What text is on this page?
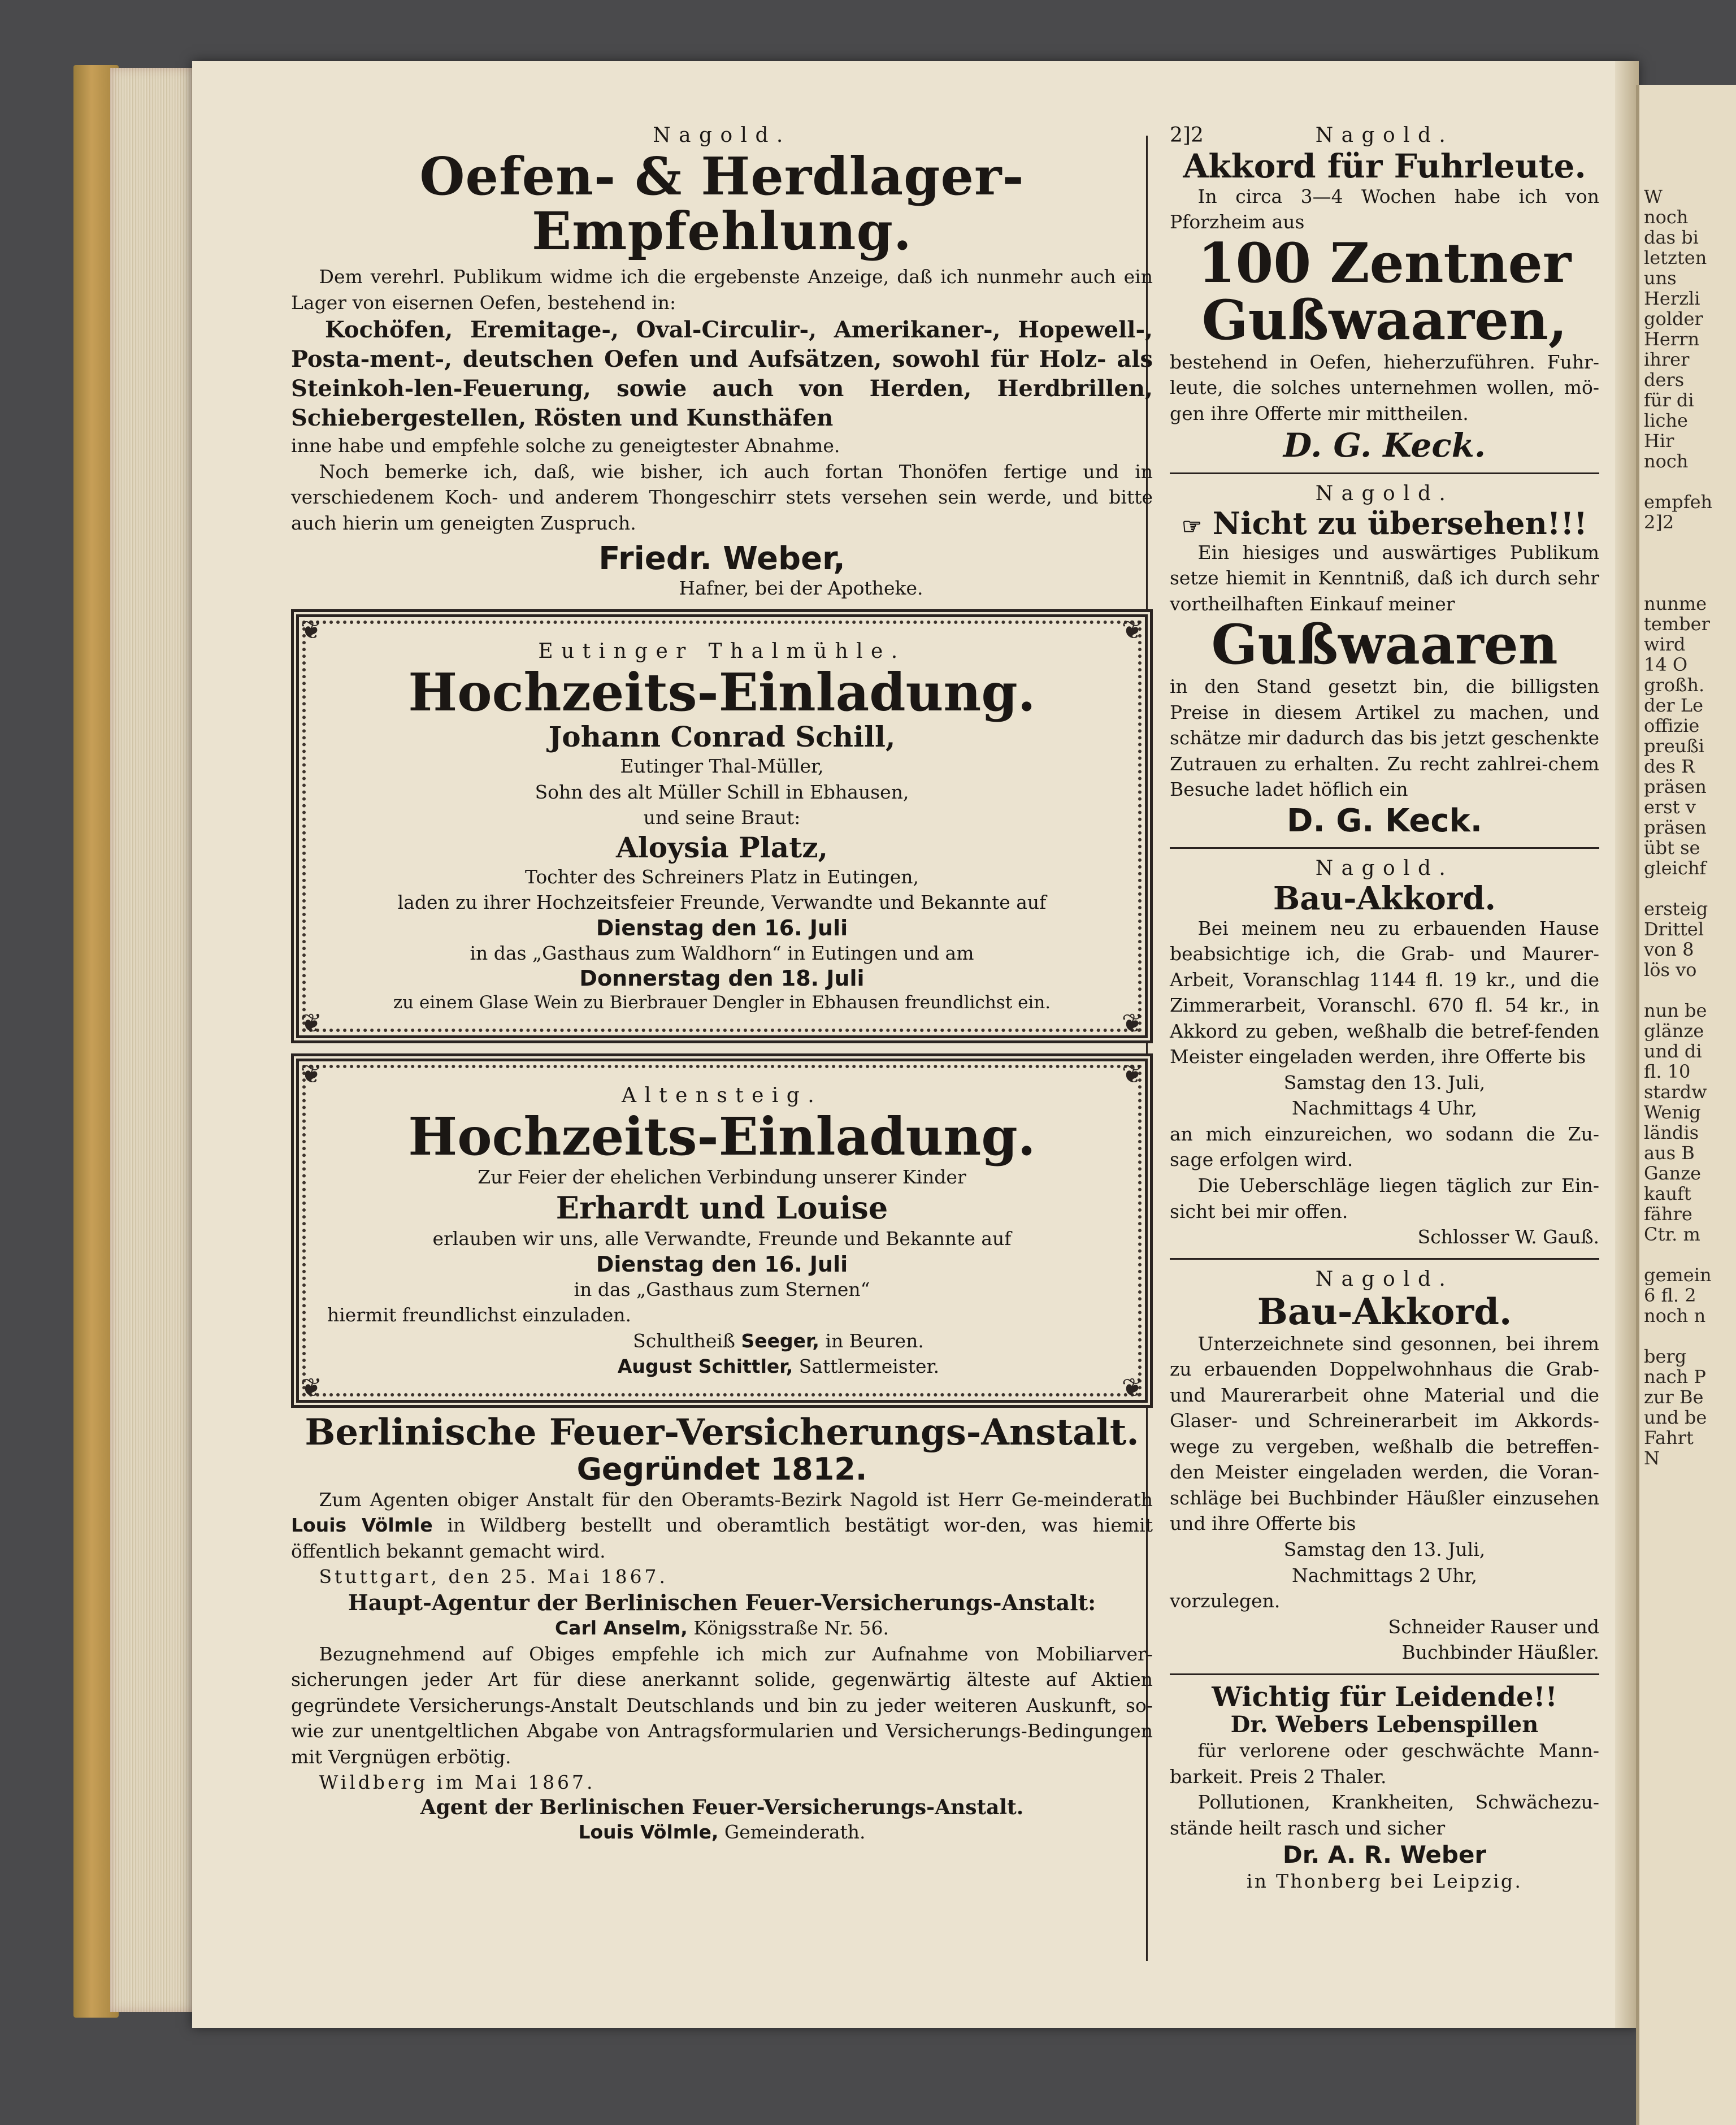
W
noch
das bi
letzten
uns
Herzli
golder
Herrn
ihrer
ders
für di
liche
Hir
noch

empfeh
2]2

nunme
tember
wird
14 O
großh.
der Le
offizie
preußi
des R
präsen
erst v
präsen
übt se
gleichf

ersteig
Drittel
von 8
lös vo

nun be
glänze
und di
fl. 10
stardw
Wenig
ländis
aus B
Ganze
kauft
fähre
Ctr. m

gemein
6 fl. 2
noch n

berg
nach P
zur Be
und be
Fahrt
N
Nagold.
Oefen- & Herdlager-Empfehlung.
Dem verehrl. Publikum widme ich die ergebenste Anzeige, daß ich nunmehr auch ein Lager von eisernen Oefen, bestehend in:
Kochöfen, Eremitage-, Oval-Circulir-, Amerikaner-, Hopewell-, Posta-ment-, deutschen Oefen und Aufsätzen, sowohl für Holz- als Steinkoh-len-Feuerung, sowie auch von Herden, Herdbrillen, Schiebergestellen, Rösten und Kunsthäfen
inne habe und empfehle solche zu geneigtester Abnahme.
Noch bemerke ich, daß, wie bisher, ich auch fortan Thonöfen fertige und in verschiedenem Koch- und anderem Thongeschirr stets versehen sein werde, und bitte auch hierin um geneigten Zuspruch.
Friedr. Weber,
Hafner, bei der Apotheke.
❦	❦
❦	❦
Eutinger Thalmühle.
Hochzeits-Einladung.
Johann Conrad Schill,
Eutinger Thal-Müller,
Sohn des alt Müller Schill in Ebhausen,
und seine Braut:
Aloysia Platz,
Tochter des Schreiners Platz in Eutingen,
laden zu ihrer Hochzeitsfeier Freunde, Verwandte und Bekannte auf
Dienstag den 16. Juli
in das „Gasthaus zum Waldhorn“ in Eutingen und am
Donnerstag den 18. Juli
zu einem Glase Wein zu Bierbrauer Dengler in Ebhausen freundlichst ein.
❦	❦
❦	❦
Altensteig.
Hochzeits-Einladung.
Zur Feier der ehelichen Verbindung unserer Kinder
Erhardt und Louise
erlauben wir uns, alle Verwandte, Freunde und Bekannte auf
Dienstag den 16. Juli
in das „Gasthaus zum Sternen“
hiermit freundlichst einzuladen.
Schultheiß Seeger, in Beuren.
August Schittler, Sattlermeister.
Berlinische Feuer-Versicherungs-Anstalt.
Gegründet 1812.
Zum Agenten obiger Anstalt für den Oberamts-Bezirk Nagold ist Herr Ge-meinderath Louis Völmle in Wildberg bestellt und oberamtlich bestätigt wor-den, was hiemit öffentlich bekannt gemacht wird.
Stuttgart, den 25. Mai 1867.
Haupt-Agentur der Berlinischen Feuer-Versicherungs-Anstalt:
Carl Anselm, Königsstraße Nr. 56.
Bezugnehmend auf Obiges empfehle ich mich zur Aufnahme von Mobiliarver-sicherungen jeder Art für diese anerkannt solide, gegenwärtig älteste auf Aktien gegründete Versicherungs-Anstalt Deutschlands und bin zu jeder weiteren Auskunft, so-wie zur unentgeltlichen Abgabe von Antragsformularien und Versicherungs-Bedingungen mit Vergnügen erbötig.
Wildberg im Mai 1867.
Agent der Berlinischen Feuer-Versicherungs-Anstalt.
Louis Völmle, Gemeinderath.
2]2	Nagold.
Akkord für Fuhrleute.
In circa 3—4 Wochen habe ich von Pforzheim aus
100 Zentner
Gußwaaren,
bestehend in Oefen, hieherzuführen. Fuhr-leute, die solches unternehmen wollen, mö-gen ihre Offerte mir mittheilen.
D. G. Keck.
Nagold.
☞ Nicht zu übersehen!!!
Ein hiesiges und auswärtiges Publikum setze hiemit in Kenntniß, daß ich durch sehr vortheilhaften Einkauf meiner
Gußwaaren
in den Stand gesetzt bin, die billigsten Preise in diesem Artikel zu machen, und schätze mir dadurch das bis jetzt geschenkte Zutrauen zu erhalten. Zu recht zahlrei-chem Besuche ladet höflich ein
D. G. Keck.
Nagold.
Bau-Akkord.
Bei meinem neu zu erbauenden Hause beabsichtige ich, die Grab- und Maurer-Arbeit, Voranschlag 1144 fl. 19 kr., und die Zimmerarbeit, Voranschl. 670 fl. 54 kr., in Akkord zu geben, weßhalb die betref-fenden Meister eingeladen werden, ihre Offerte bis
Samstag den 13. Juli,
Nachmittags 4 Uhr,
an mich einzureichen, wo sodann die Zu-sage erfolgen wird.
Die Ueberschläge liegen täglich zur Ein-sicht bei mir offen.
Schlosser W. Gauß.
Nagold.
Bau-Akkord.
Unterzeichnete sind gesonnen, bei ihrem zu erbauenden Doppelwohnhaus die Grab- und Maurerarbeit ohne Material und die Glaser- und Schreinerarbeit im Akkords-wege zu vergeben, weßhalb die betreffen-den Meister eingeladen werden, die Voran-schläge bei Buchbinder Häußler einzusehen und ihre Offerte bis
Samstag den 13. Juli,
Nachmittags 2 Uhr,
vorzulegen.
Schneider Rauser und
Buchbinder Häußler.
Wichtig für Leidende!!
Dr. Webers Lebenspillen
für verlorene oder geschwächte Mann-barkeit. Preis 2 Thaler.
Pollutionen, Krankheiten, Schwächezu-stände heilt rasch und sicher
Dr. A. R. Weber
in Thonberg bei Leipzig.
